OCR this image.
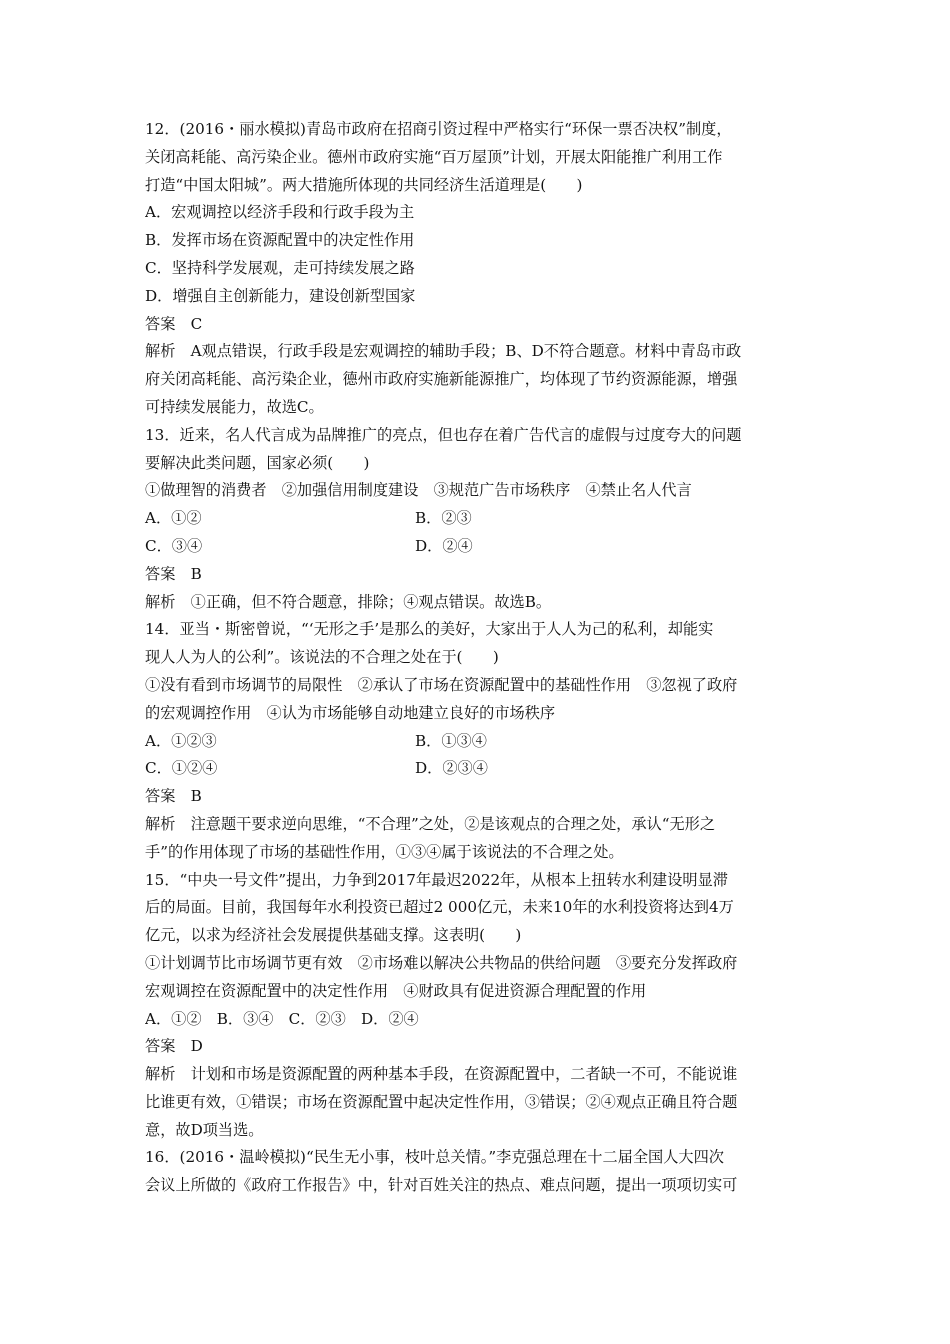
12．(2016・丽水模拟)青岛市政府在招商引资过程中严格实行“环保一票否决权”制度，
关闭高耗能、高污染企业。德州市政府实施“百万屋顶”计划，开展太阳能推广利用工作
打造“中国太阳城”。两大措施所体现的共同经济生活道理是(　　)
A．宏观调控以经济手段和行政手段为主
B．发挥市场在资源配置中的决定性作用
C．坚持科学发展观，走可持续发展之路
D．增强自主创新能力，建设创新型国家
答案　C
解析　A观点错误，行政手段是宏观调控的辅助手段；B、D不符合题意。材料中青岛市政
府关闭高耗能、高污染企业，德州市政府实施新能源推广，均体现了节约资源能源，增强
可持续发展能力，故选C。
13．近来，名人代言成为品牌推广的亮点，但也存在着广告代言的虚假与过度夸大的问题
要解决此类问题，国家必须(　　)
①做理智的消费者　②加强信用制度建设　③规范广告市场秩序　④禁止名人代言
A．①②	B．②③
C．③④	D．②④
答案　B
解析　①正确，但不符合题意，排除；④观点错误。故选B。
14．亚当・斯密曾说，“‘无形之手’是那么的美好，大家出于人人为己的私利，却能实
现人人为人的公利”。该说法的不合理之处在于(　　)
①没有看到市场调节的局限性　②承认了市场在资源配置中的基础性作用　③忽视了政府
的宏观调控作用　④认为市场能够自动地建立良好的市场秩序
A．①②③	B．①③④
C．①②④	D．②③④
答案　B
解析　注意题干要求逆向思维，“不合理”之处，②是该观点的合理之处，承认“无形之
手”的作用体现了市场的基础性作用，①③④属于该说法的不合理之处。
15．“中央一号文件”提出，力争到2017年最迟2022年，从根本上扭转水利建设明显滞
后的局面。目前，我国每年水利投资已超过2 000亿元，未来10年的水利投资将达到4万
亿元，以求为经济社会发展提供基础支撑。这表明(　　)
①计划调节比市场调节更有效　②市场难以解决公共物品的供给问题　③要充分发挥政府
宏观调控在资源配置中的决定性作用　④财政具有促进资源合理配置的作用
A．①②　B．③④　C．②③　D．②④
答案　D
解析　计划和市场是资源配置的两种基本手段，在资源配置中，二者缺一不可，不能说谁
比谁更有效，①错误；市场在资源配置中起决定性作用，③错误；②④观点正确且符合题
意，故D项当选。
16．(2016・温岭模拟)“民生无小事，枝叶总关情。”李克强总理在十二届全国人大四次
会议上所做的《政府工作报告》中，针对百姓关注的热点、难点问题，提出一项项切实可
